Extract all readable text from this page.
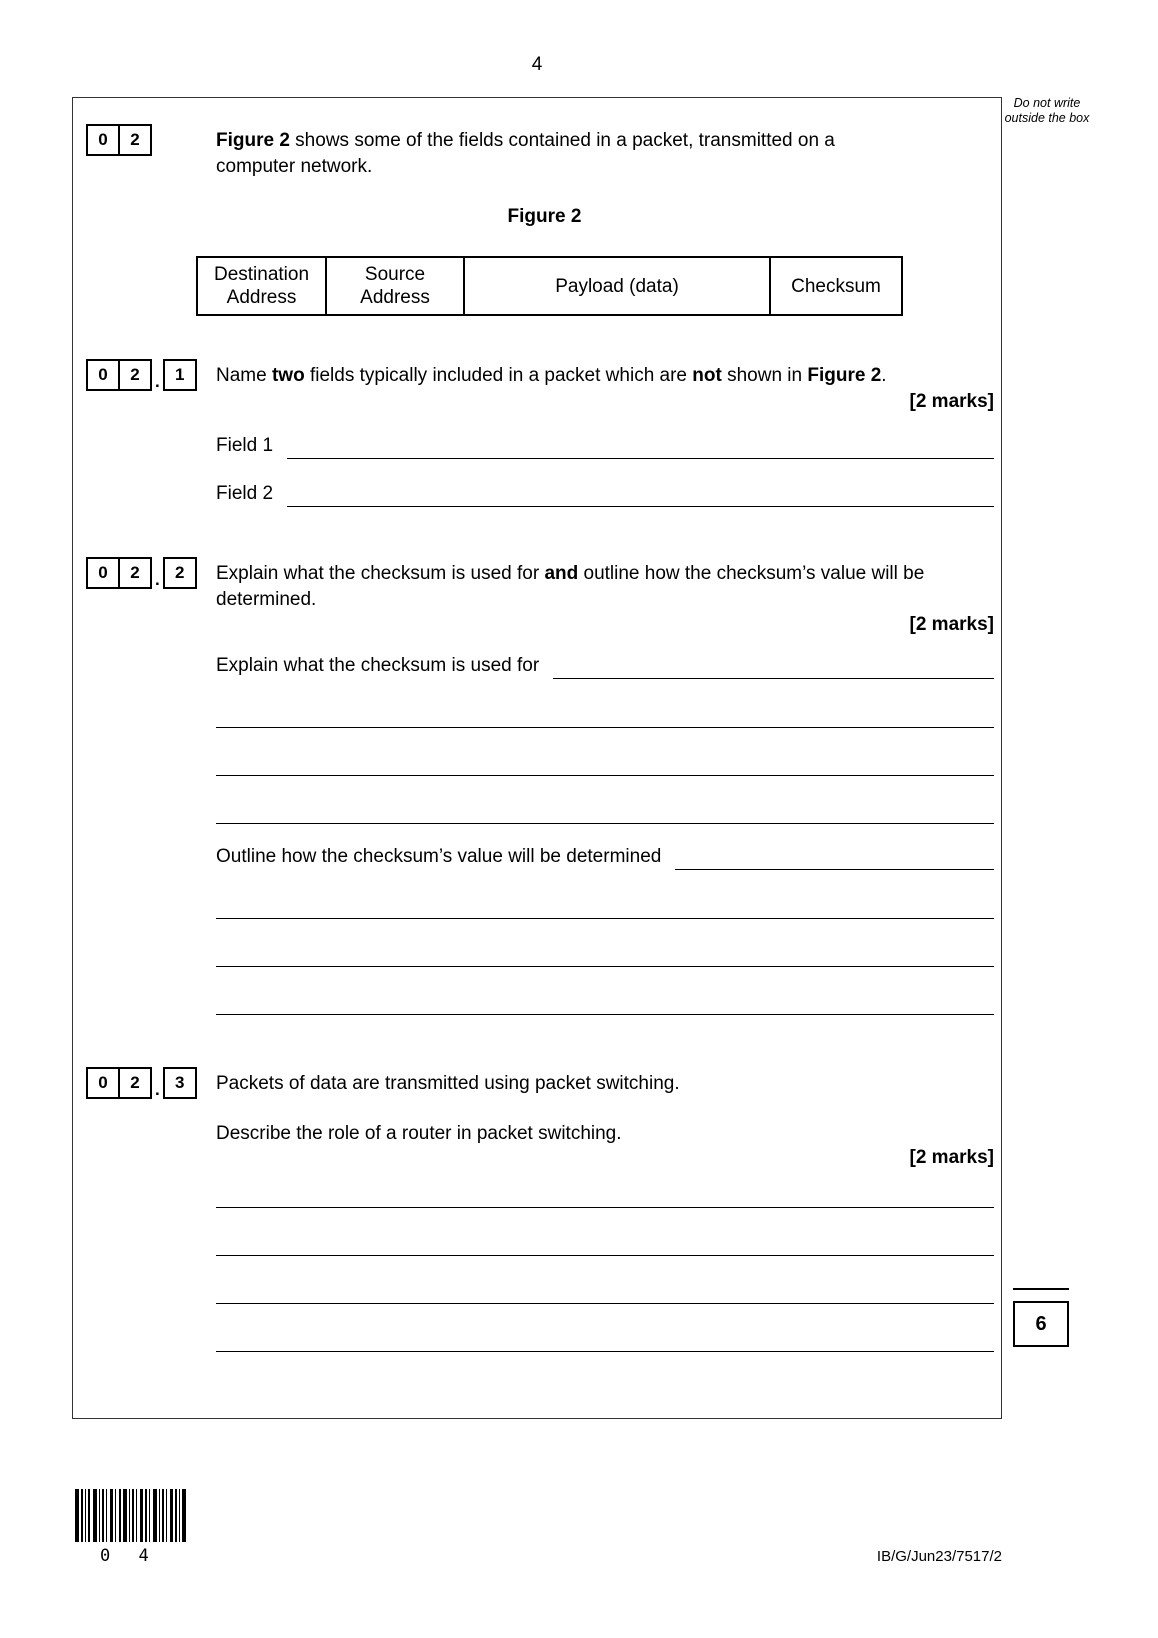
4
Do not write outside the box
0	2	Figure 2 shows some of the fields contained in a packet, transmitted on a computer network.

Figure 2
Destination Address	Source Address	Payload (data)	Checksum
0	2 . 1	Name two fields typically included in a packet which are not shown in Figure 2.

[2 marks]
Field 1
Field 2
0	2 . 2	Explain what the checksum is used for and outline how the checksum’s value will be determined.

[2 marks]
Explain what the checksum is used for
Outline how the checksum’s value will be determined
0	2 . 3	Packets of data are transmitted using packet switching.

Describe the role of a router in packet switching.

[2 marks]
6
0 4	IB/G/Jun23/7517/2
